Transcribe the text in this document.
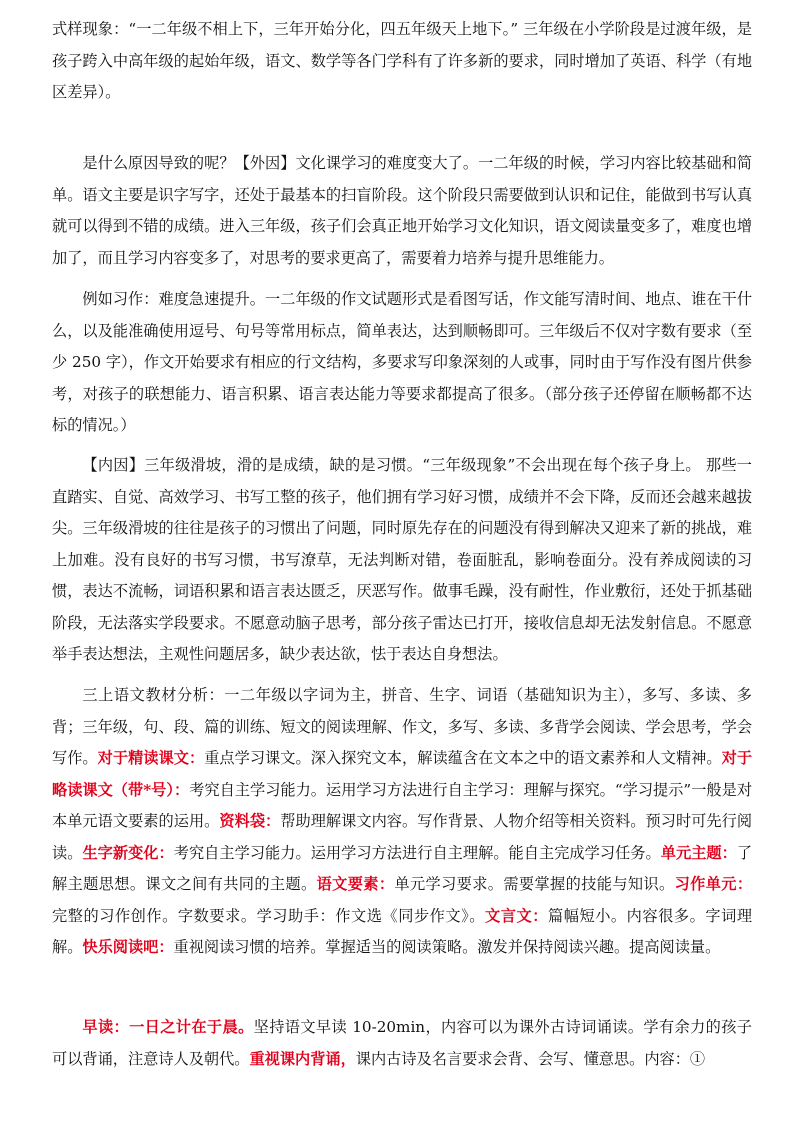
式样现象：“一二年级不相上下，三年开始分化，四五年级天上地下。” 三年级在小学阶段是过渡年级，是孩子跨入中高年级的起始年级，语文、数学等各门学科有了许多新的要求，同时增加了英语、科学（有地区差异）。

是什么原因导致的呢？【外因】文化课学习的难度变大了。一二年级的时候，学习内容比较基础和简单。语文主要是识字写字，还处于最基本的扫盲阶段。这个阶段只需要做到认识和记住，能做到书写认真就可以得到不错的成绩。进入三年级，孩子们会真正地开始学习文化知识，语文阅读量变多了，难度也增加了，而且学习内容变多了，对思考的要求更高了，需要着力培养与提升思维能力。

例如习作：难度急速提升。一二年级的作文试题形式是看图写话，作文能写清时间、地点、谁在干什么，以及能准确使用逗号、句号等常用标点，简单表达，达到顺畅即可。三年级后不仅对字数有要求（至少 250 字），作文开始要求有相应的行文结构，多要求写印象深刻的人或事，同时由于写作没有图片供参考，对孩子的联想能力、语言积累、语言表达能力等要求都提高了很多。（部分孩子还停留在顺畅都不达标的情况。）

【内因】三年级滑坡，滑的是成绩，缺的是习惯。“三年级现象”不会出现在每个孩子身上。 那些一直踏实、自觉、高效学习、书写工整的孩子，他们拥有学习好习惯，成绩并不会下降，反而还会越来越拔尖。三年级滑坡的往往是孩子的习惯出了问题，同时原先存在的问题没有得到解决又迎来了新的挑战，难上加难。没有良好的书写习惯，书写潦草，无法判断对错，卷面脏乱，影响卷面分。没有养成阅读的习惯，表达不流畅，词语积累和语言表达匮乏，厌恶写作。做事毛躁，没有耐性，作业敷衍，还处于抓基础阶段，无法落实学段要求。不愿意动脑子思考，部分孩子雷达已打开，接收信息却无法发射信息。不愿意举手表达想法，主观性问题居多，缺少表达欲，怯于表达自身想法。

三上语文教材分析：一二年级以字词为主，拼音、生字、词语（基础知识为主），多写、多读、多背；三年级，句、段、篇的训练、短文的阅读理解、作文，多写、多读、多背学会阅读、学会思考，学会写作。对于精读课文：重点学习课文。深入探究文本，解读蕴含在文本之中的语文素养和人文精神。对于略读课文（带*号）：考究自主学习能力。运用学习方法进行自主学习：理解与探究。“学习提示”一般是对本单元语文要素的运用。资料袋：帮助理解课文内容。写作背景、人物介绍等相关资料。预习时可先行阅读。生字新变化：考究自主学习能力。运用学习方法进行自主理解。能自主完成学习任务。单元主题：了解主题思想。课文之间有共同的主题。语文要素：单元学习要求。需要掌握的技能与知识。习作单元： 完整的习作创作。字数要求。学习助手：作文选《同步作文》。文言文：篇幅短小。内容很多。字词理解。快乐阅读吧：重视阅读习惯的培养。掌握适当的阅读策略。激发并保持阅读兴趣。提高阅读量。

早读：一日之计在于晨。坚持语文早读 10-20min，内容可以为课外古诗词诵读。学有余力的孩子可以背诵，注意诗人及朝代。重视课内背诵，课内古诗及名言要求会背、会写、懂意思。内容：①
